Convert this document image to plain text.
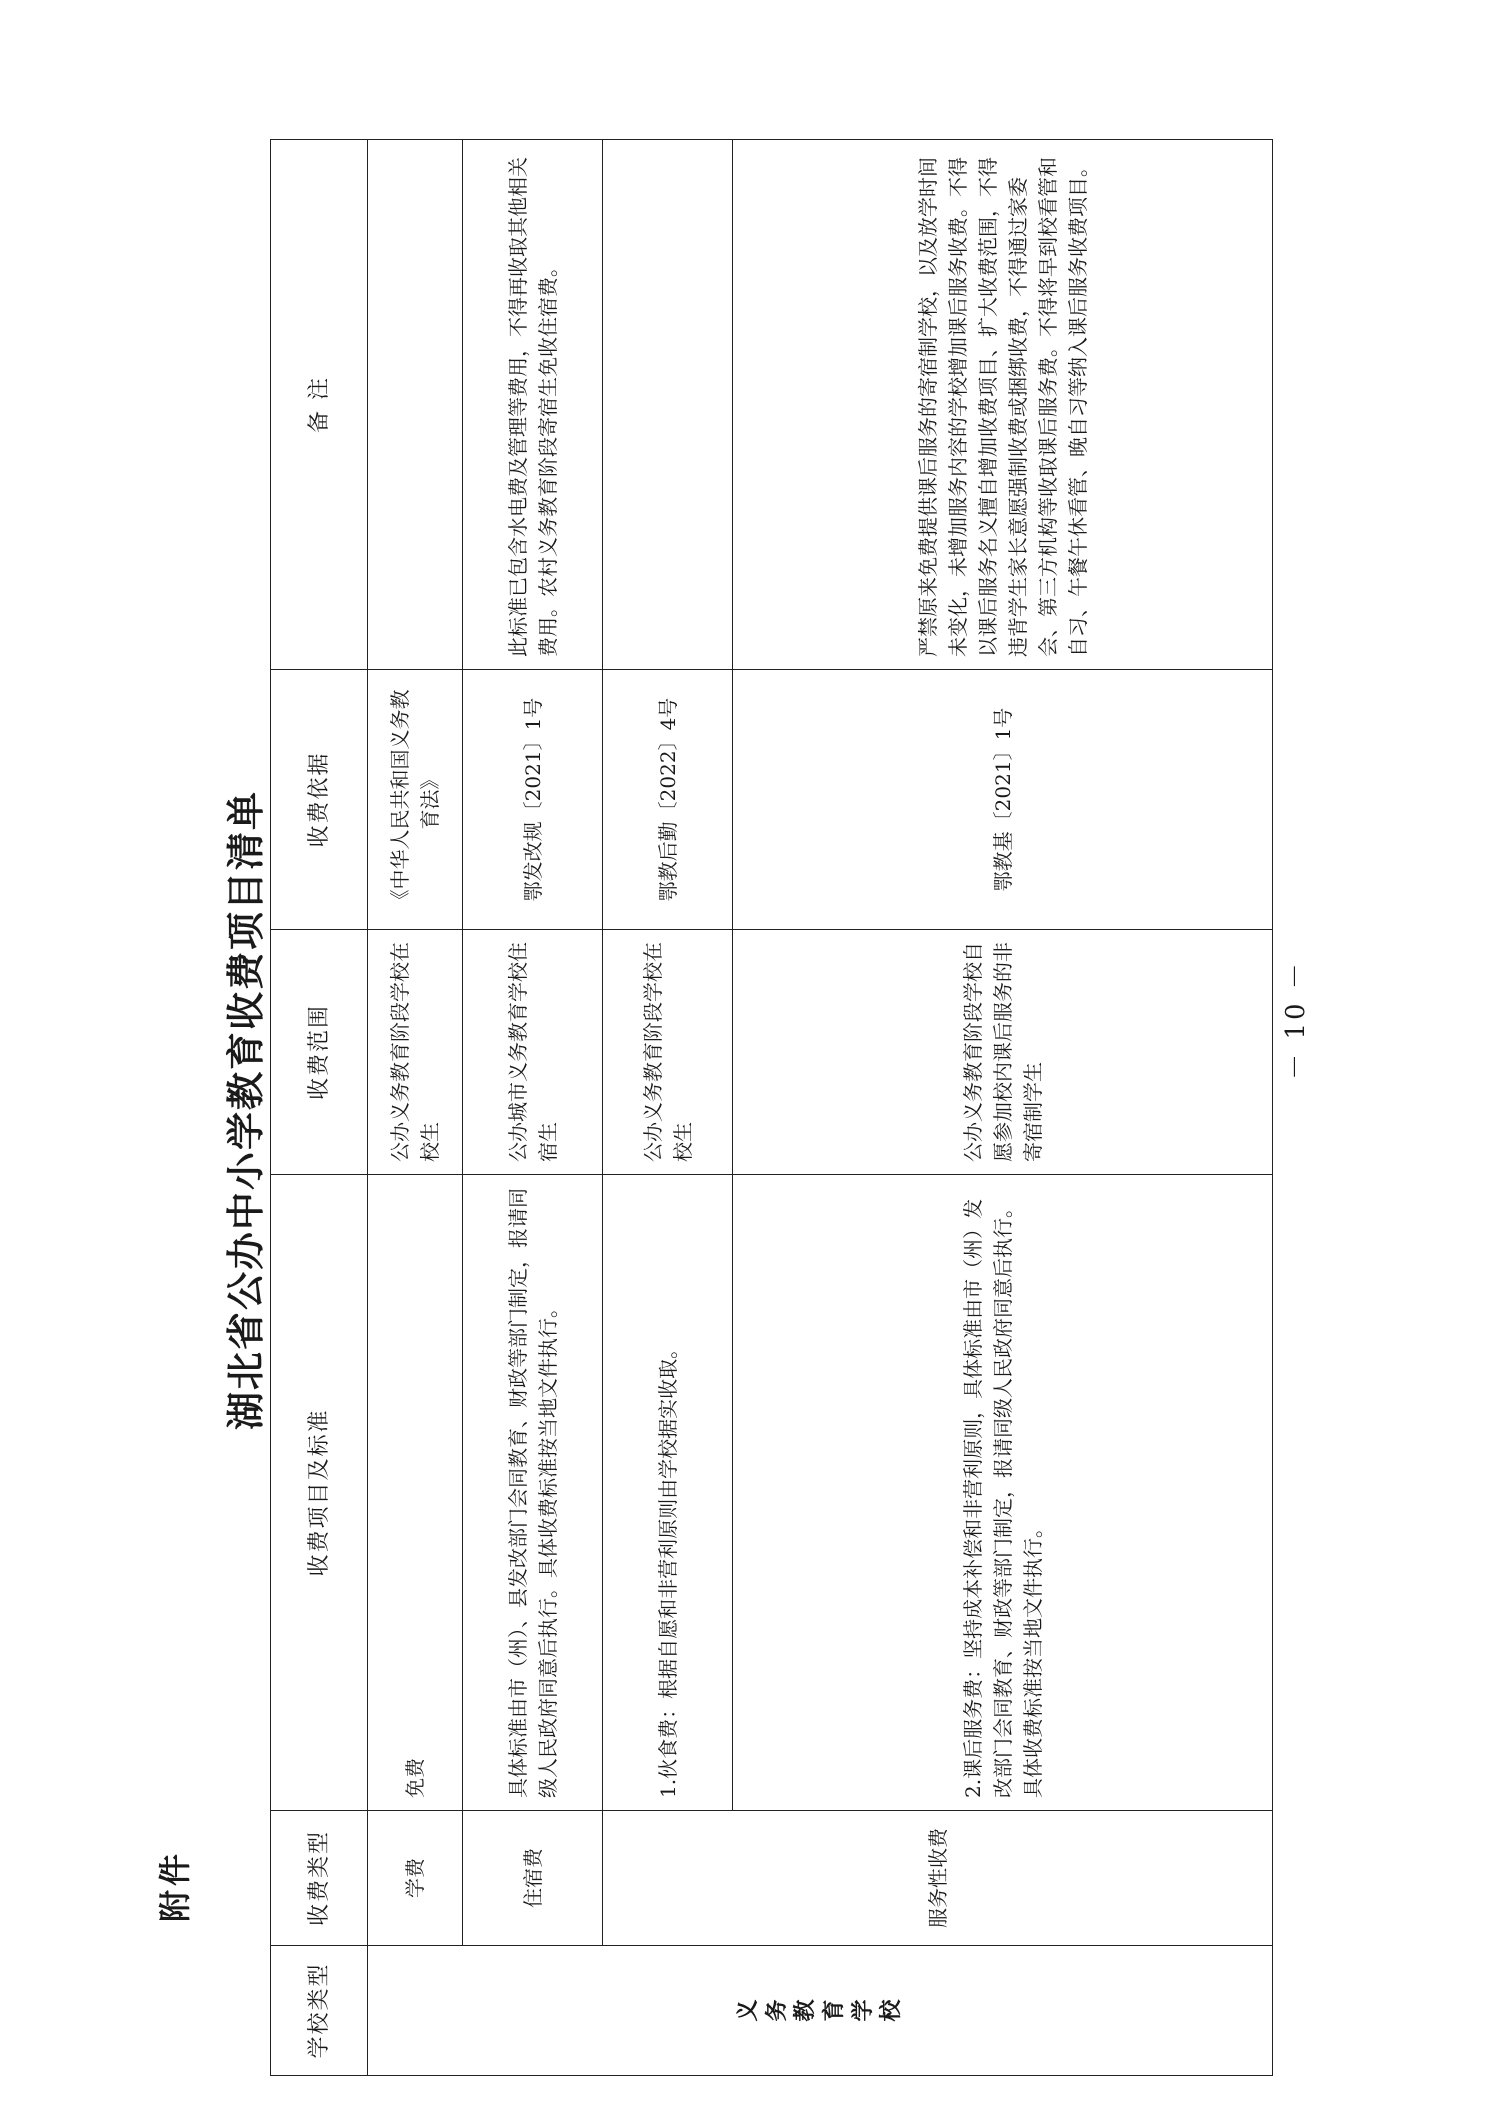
附件
湖北省公办中小学教育收费项目清单	－ 10 －
学校类型	收费类型	收费项目及标准	收费范围	收费依据	备 注

义务教育学校	学费	免费	公办义务教育阶段学校在校生	《中华人民共和国义务教育法》	
	住宿费	具体标准由市（州）、县发改部门会同教育、财政等部门制定，报请同级人民政府同意后执行。具体收费标准按当地文件执行。	公办城市义务教育学校住宿生	鄂发改规〔2021〕1号	此标准已包含水电费及管理等费用，不得再收取其他相关费用。农村义务教育阶段寄宿生免收住宿费。
	服务性收费	1.伙食费：根据自愿和非营利原则由学校据实收取。	公办义务教育阶段学校在校生	鄂教后勤〔2022〕4号	
		2.课后服务费：坚持成本补偿和非营利原则，具体标准由市（州）发改部门会同教育、财政等部门制定，报请同级人民政府同意后执行。具体收费标准按当地文件执行。	公办义务教育阶段学校自愿参加校内课后服务的非寄宿制学生	鄂教基〔2021〕1号	严禁原来免费提供课后服务的寄宿制学校，以及放学时间未变化，未增加服务内容的学校增加课后服务收费。不得以课后服务名义擅自增加收费项目、扩大收费范围，不得违背学生家长意愿强制收费或捆绑收费，不得通过家委会、第三方机构等收取课后服务费。不得将早到校看管和自习、午餐午休看管、晚自习等纳入课后服务收费项目。
